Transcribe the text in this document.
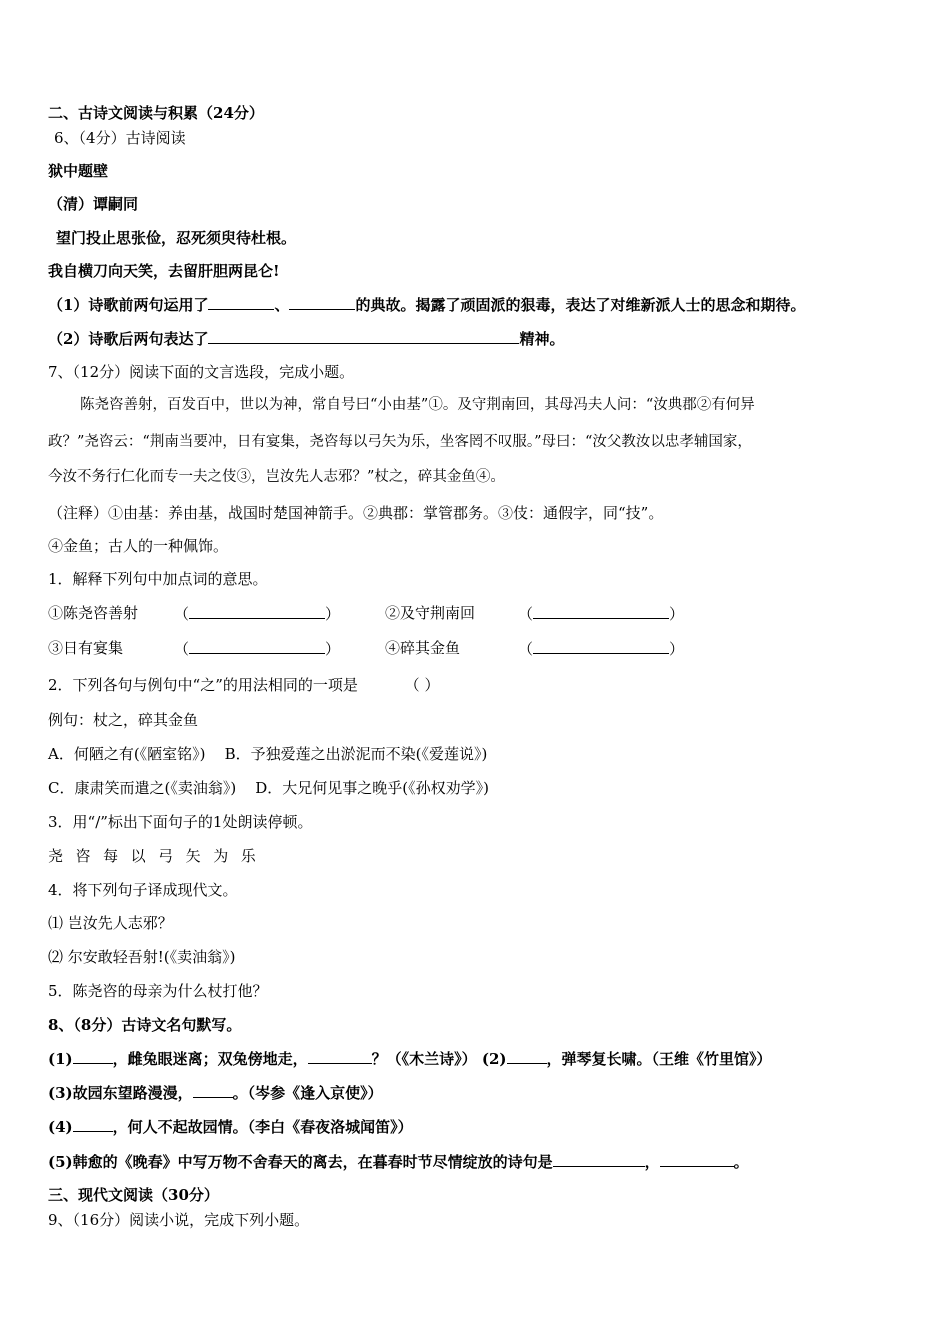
二、古诗文阅读与积累（24分）
6、（4分）古诗阅读
狱中题壁
（清）谭嗣同
望门投止思张俭，忍死须臾待杜根。
我自横刀向天笑，去留肝胆两昆仑!
（1）诗歌前两句运用了	、	的典故。揭露了顽固派的狠毒，表达了对维新派人士的思念和期待。
（2）诗歌后两句表达了	精神。
7、（12分）阅读下面的文言选段，完成小题。
陈尧咨善射，百发百中，世以为神，常自号曰“小由基”①。及守荆南回，其母冯夫人问：“汝典郡②有何异
政？”尧咨云：“荆南当要冲，日有宴集，尧咨每以弓矢为乐，坐客罔不叹服。”母曰：“汝父教汝以忠孝辅国家，
今汝不务行仁化而专一夫之伎③，岂汝先人志邪？”杖之，碎其金鱼④。
（注释）①由基：养由基，战国时楚国神箭手。②典郡：掌管郡务。③伎：通假字，同“技”。
④金鱼；古人的一种佩饰。
1．解释下列句中加点词的意思。
①陈尧咨善射 （	）	②及守荆南回	（	）
③日有宴集	（	）	④碎其金鱼	（	）
2．下列各句与例句中“之”的用法相同的一项是	（ ）
例句：杖之，碎其金鱼
A．何陋之有(《陋室铭》)    B．予独爱莲之出淤泥而不染(《爱莲说》)
C．康肃笑而遣之(《卖油翁》)    D．大兄何见事之晚乎(《孙权劝学》)
3．用“/”标出下面句子的1处朗读停顿。
尧  咨  每  以  弓  矢  为  乐
4．将下列句子译成现代文。
⑴ 岂汝先人志邪？
⑵ 尔安敢轻吾射!(《卖油翁》)
5．陈尧咨的母亲为什么杖打他？
8、（8分）古诗文名句默写。
(1)	，雌兔眼迷离；双兔傍地走，	？（《木兰诗》） (2)	，弹琴复长啸。（王维《竹里馆》）
(3)故园东望路漫漫，	。（岑参《逢入京使》）
(4)	，何人不起故园情。（李白《春夜洛城闻笛》）
(5)韩愈的《晚春》中写万物不舍春天的离去，在暮春时节尽情绽放的诗句是	，	。
三、现代文阅读（30分）
9、（16分）阅读小说，完成下列小题。
